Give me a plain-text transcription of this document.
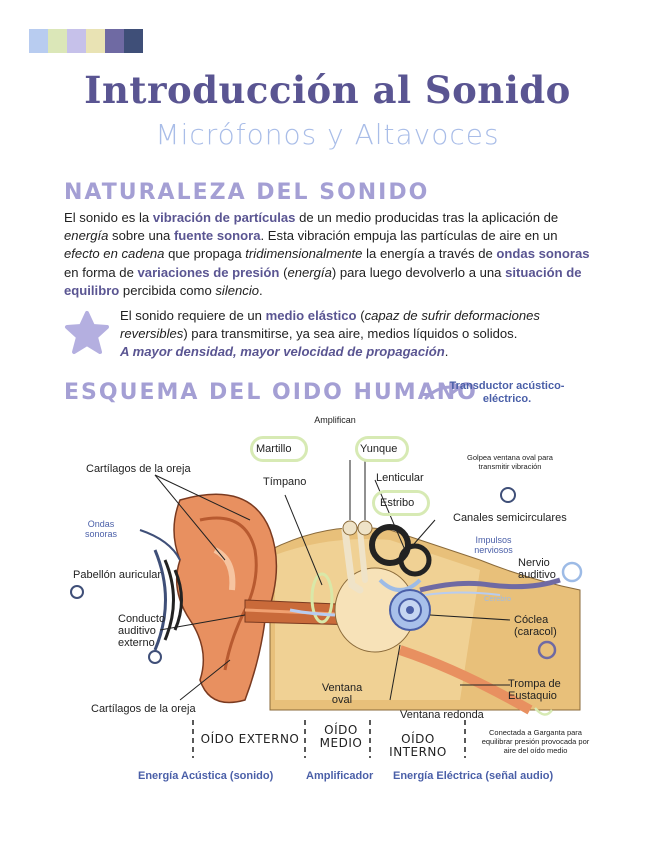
Introducción al Sonido
Micrófonos y Altavoces
NATURALEZA DEL SONIDO
El sonido es la vibración de partículas de un medio producidas tras la aplicación de energía sobre una fuente sonora. Esta vibración empuja las partículas de aire en un efecto en cadena que propaga tridimensionalmente la energía a través de ondas sonoras en forma de variaciones de presión (energía) para luego devolverlo a una situación de equilibro percibida como silencio.
El sonido requiere de un medio elástico (capaz de sufrir deformaciones reversibles) para transmitirse, ya sea aire, medios líquidos o solidos.
A mayor densidad, mayor velocidad de propagación.
ESQUEMA DEL OIDO HUMANO
Transductor acústico-eléctrico.
Amplifican
Martillo	Yunque
Golpea ventana oval para transmitir vibración
Cartílagos de la oreja
Tímpano	Lenticular
Estribo
Canales semicirculares
Ondas sonoras
Impulsos nerviosos
Nervio auditivo
Pabellón auricular
Cerebro
Conducto auditivo externo
Cóclea (caracol)
Ventana oval
Trompa de Eustaquio
Cartílagos de la oreja	Ventana redonda
Conectada a Garganta para equilibrar presión provocada por aire del oído medio
OÍDO EXTERNO
OÍDO MEDIO	OÍDO INTERNO
Energía Acústica (sonido)	Amplificador Energía Eléctrica (señal audio)
